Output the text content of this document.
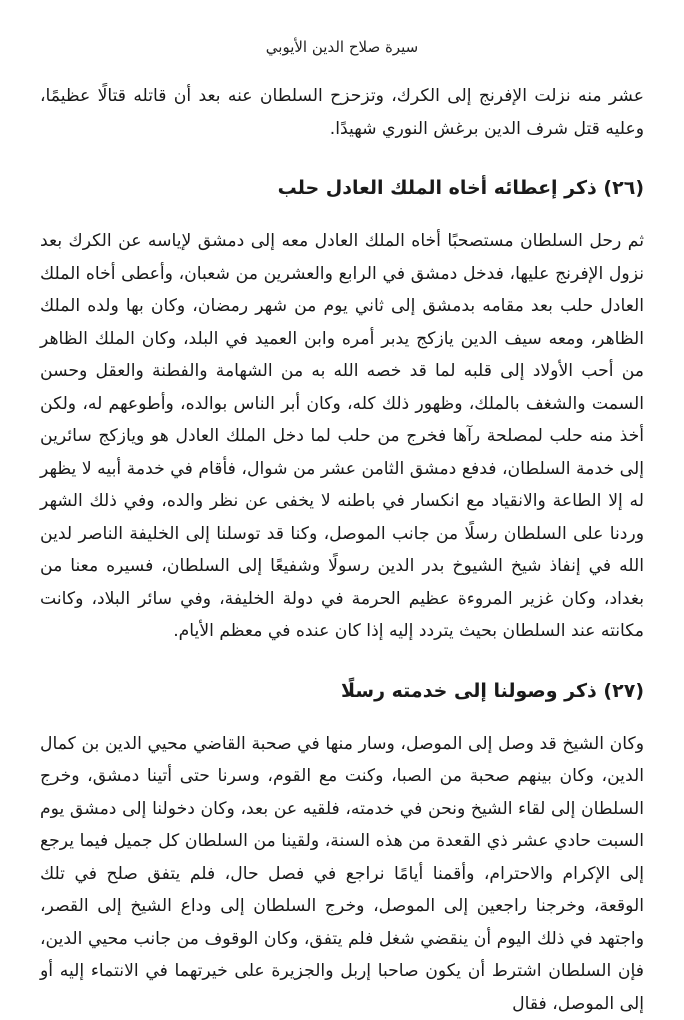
سيرة صلاح الدين الأيوبي

عشر منه نزلت الإفرنج إلى الكرك، وتزحزح السلطان عنه بعد أن قاتله قتالًا عظيمًا، وعليه قتل شرف الدين برغش النوري شهيدًا.

(٢٦) ذكر إعطائه أخاه الملك العادل حلب

ثم رحل السلطان مستصحبًا أخاه الملك العادل معه إلى دمشق لإياسه عن الكرك بعد نزول الإفرنج عليها، فدخل دمشق في الرابع والعشرين من شعبان، وأعطى أخاه الملك العادل حلب بعد مقامه بدمشق إلى ثاني يوم من شهر رمضان، وكان بها ولده الملك الظاهر، ومعه سيف الدين يازكج يدبر أمره وابن العميد في البلد، وكان الملك الظاهر من أحب الأولاد إلى قلبه لما قد خصه الله به من الشهامة والفطنة والعقل وحسن السمت والشغف بالملك، وظهور ذلك كله، وكان أبر الناس بوالده، وأطوعهم له، ولكن أخذ منه حلب لمصلحة رآها فخرج من حلب لما دخل الملك العادل هو ويازكج سائرين إلى خدمة السلطان، فدفع دمشق الثامن عشر من شوال، فأقام في خدمة أبيه لا يظهر له إلا الطاعة والانقياد مع انكسار في باطنه لا يخفى عن نظر والده، وفي ذلك الشهر وردنا على السلطان رسلًا من جانب الموصل، وكنا قد توسلنا إلى الخليفة الناصر لدين الله في إنفاذ شيخ الشيوخ بدر الدين رسولًا وشفيعًا إلى السلطان، فسيره معنا من بغداد، وكان غزير المروءة عظيم الحرمة في دولة الخليفة، وفي سائر البلاد، وكانت مكانته عند السلطان بحيث يتردد إليه إذا كان عنده في معظم الأيام.

(٢٧) ذكر وصولنا إلى خدمته رسلًا

وكان الشيخ قد وصل إلى الموصل، وسار منها في صحبة القاضي محيي الدين بن كمال الدين، وكان بينهم صحبة من الصبا، وكنت مع القوم، وسرنا حتى أتينا دمشق، وخرج السلطان إلى لقاء الشيخ ونحن في خدمته، فلقيه عن بعد، وكان دخولنا إلى دمشق يوم السبت حادي عشر ذي القعدة من هذه السنة، ولقينا من السلطان كل جميل فيما يرجع إلى الإكرام والاحترام، وأقمنا أيامًا نراجع في فصل حال، فلم يتفق صلح في تلك الوقعة، وخرجنا راجعين إلى الموصل، وخرج السلطان إلى وداع الشيخ إلى القصر، واجتهد في ذلك اليوم أن ينقضي شغل فلم يتفق، وكان الوقوف من جانب محيي الدين، فإن السلطان اشترط أن يكون صاحبا إربل والجزيرة على خيرتهما في الانتماء إليه أو إلى الموصل، فقال
